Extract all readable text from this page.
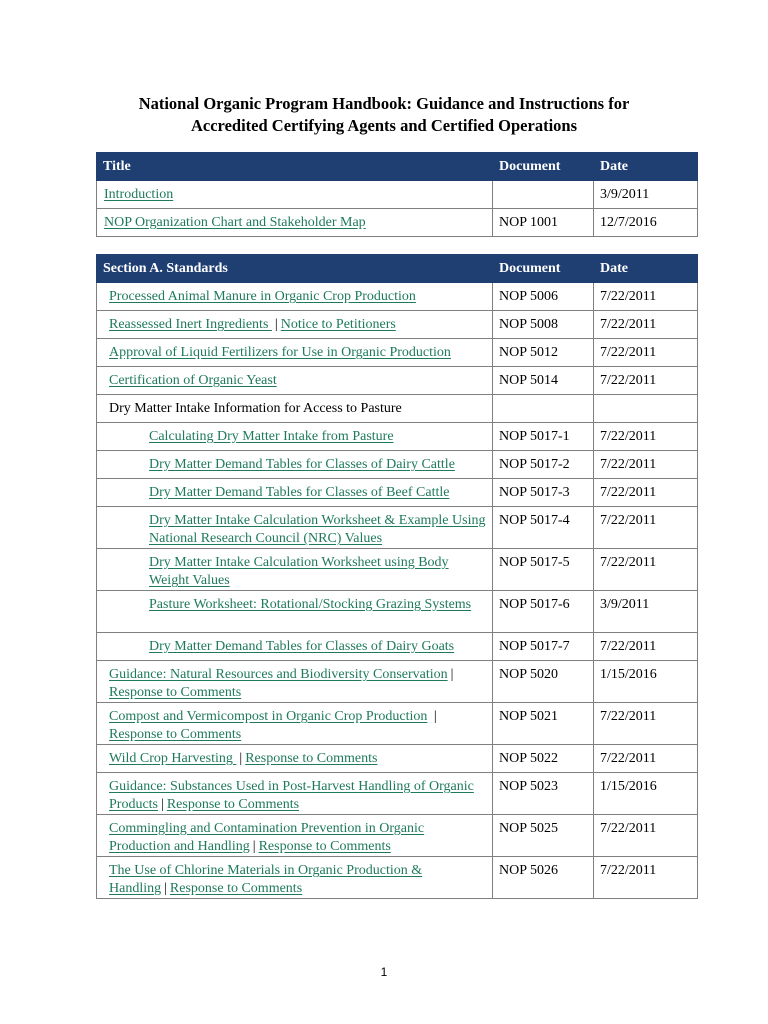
National Organic Program Handbook: Guidance and Instructions for
Accredited Certifying Agents and Certified Operations
Title	Document	Date
Introduction		3/9/2011
NOP Organization Chart and Stakeholder Map	NOP 1001	12/7/2016
Section A. Standards	Document	Date
Processed Animal Manure in Organic Crop Production	NOP 5006	7/22/2011
Reassessed Inert Ingredients | Notice to Petitioners	NOP 5008	7/22/2011
Approval of Liquid Fertilizers for Use in Organic Production	NOP 5012	7/22/2011
Certification of Organic Yeast	NOP 5014	7/22/2011
Dry Matter Intake Information for Access to Pasture		
Calculating Dry Matter Intake from Pasture	NOP 5017-1	7/22/2011
Dry Matter Demand Tables for Classes of Dairy Cattle	NOP 5017-2	7/22/2011
Dry Matter Demand Tables for Classes of Beef Cattle	NOP 5017-3	7/22/2011
Dry Matter Intake Calculation Worksheet & Example Using National Research Council (NRC) Values	NOP 5017-4	7/22/2011
Dry Matter Intake Calculation Worksheet using Body Weight Values	NOP 5017-5	7/22/2011
Pasture Worksheet: Rotational/Stocking Grazing Systems	NOP 5017-6	3/9/2011
Dry Matter Demand Tables for Classes of Dairy Goats	NOP 5017-7	7/22/2011
Guidance: Natural Resources and Biodiversity Conservation |
Response to Comments	NOP 5020	1/15/2016
Compost and Vermicompost in Organic Crop Production |
Response to Comments	NOP 5021	7/22/2011
Wild Crop Harvesting | Response to Comments	NOP 5022	7/22/2011
Guidance: Substances Used in Post-Harvest Handling of Organic Products | Response to Comments	NOP 5023	1/15/2016
Commingling and Contamination Prevention in Organic Production and Handling | Response to Comments	NOP 5025	7/22/2011
The Use of Chlorine Materials in Organic Production & Handling | Response to Comments	NOP 5026	7/22/2011
1
